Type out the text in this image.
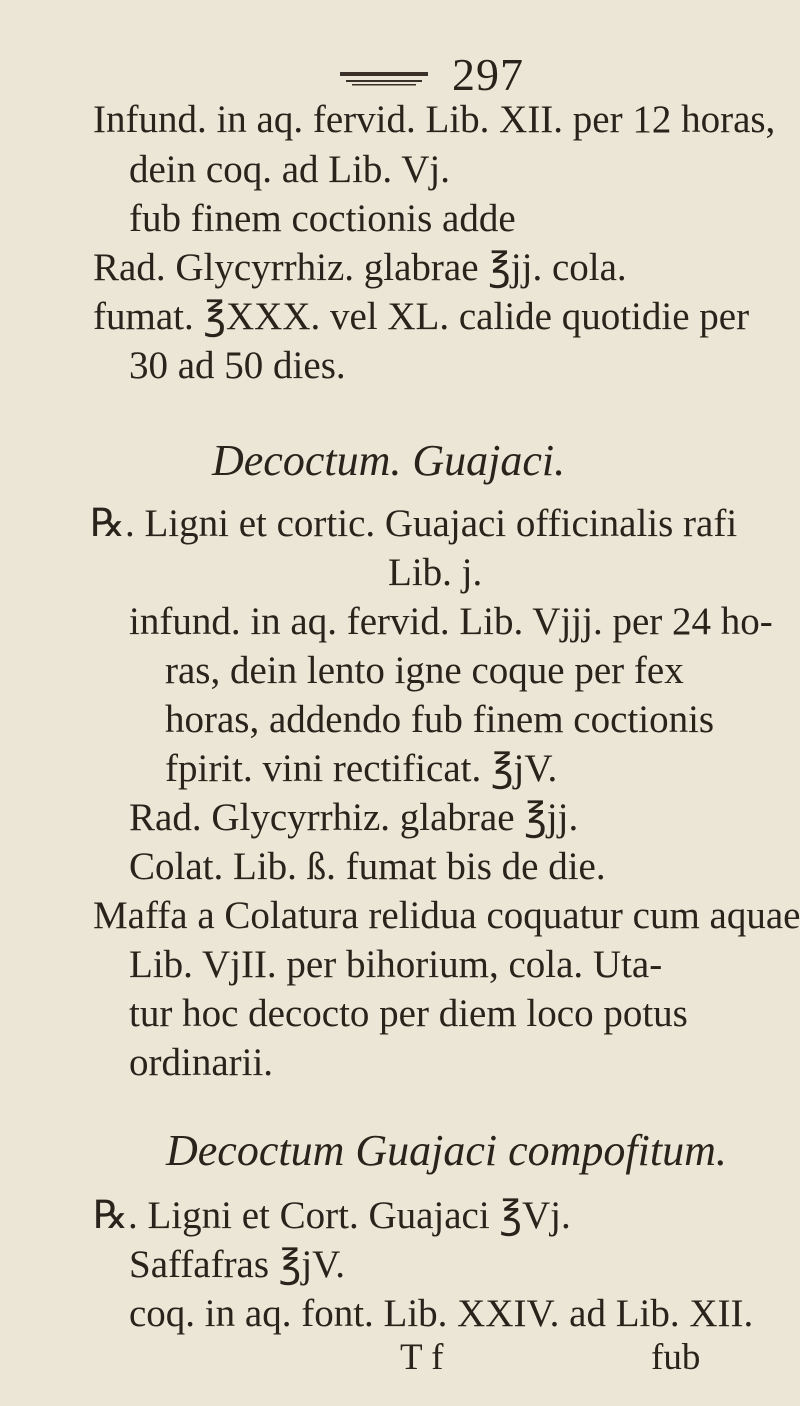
297
Infund. in aq. fervid. Lib. XII. per 12 horas,
dein coq. ad Lib. Vj.
fub finem coctionis adde
Rad. Glycyrrhiz. glabrae ℥jj. cola.
fumat. ℥XXX. vel XL. calide quotidie per
30 ad 50 dies.
Decoctum. Guajaci.
℞. Ligni et cortic. Guajaci officinalis rafi
Lib. j.
infund. in aq. fervid. Lib. Vjjj. per 24 ho-
ras, dein lento igne coque per fex
horas, addendo fub finem coctionis
fpirit. vini rectificat. ℥jV.
Rad. Glycyrrhiz. glabrae ℥jj.
Colat. Lib. ß. fumat bis de die.
Maffa a Colatura relidua coquatur cum aquae
Lib. VjII. per bihorium, cola. Uta-
tur hoc decocto per diem loco potus
ordinarii.
Decoctum Guajaci compofitum.
℞. Ligni et Cort. Guajaci ℥Vj.
Saffafras ℥jV.
coq. in aq. font. Lib. XXIV. ad Lib. XII.
T f	fub
